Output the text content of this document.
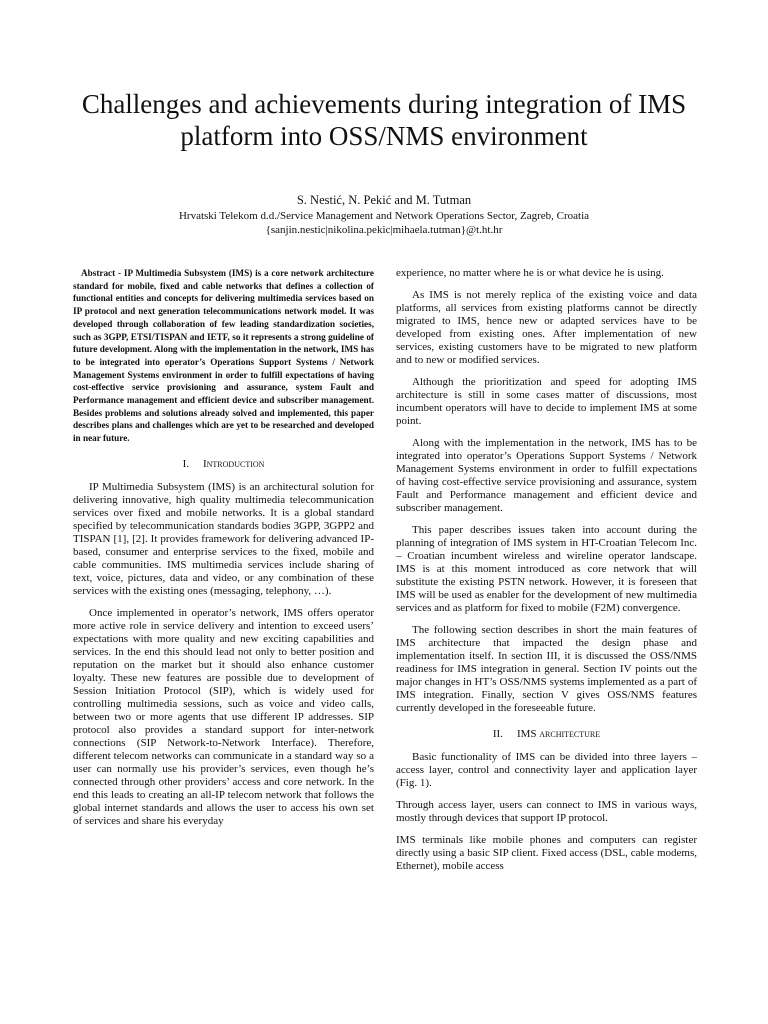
Challenges and achievements during integration of IMS platform into OSS/NMS environment

S. Nestić, N. Pekić and M. Tutman

Hrvatski Telekom d.d./Service Management and Network Operations Sector, Zagreb, Croatia
{sanjin.nestic|nikolina.pekic|mihaela.tutman}@t.ht.hr

Abstract - IP Multimedia Subsystem (IMS) is a core network architecture standard for mobile, fixed and cable networks that defines a collection of functional entities and concepts for delivering multimedia services based on IP protocol and next generation telecommunications network model. It was developed through collaboration of few leading standardization societies, such as 3GPP, ETSI/TISPAN and IETF, so it represents a strong guideline of future development. Along with the implementation in the network, IMS has to be integrated into operator’s Operations Support Systems / Network Management Systems environment in order to fulfill expectations of having cost-effective service provisioning and assurance, system Fault and Performance management and efficient device and subscriber management. Besides problems and solutions already solved and implemented, this paper describes plans and challenges which are yet to be researched and developed in near future.

I. Introduction

IP Multimedia Subsystem (IMS) is an architectural solution for delivering innovative, high quality multimedia telecommunication services over fixed and mobile networks. It is a global standard specified by telecommunication standards bodies 3GPP, 3GPP2 and TISPAN [1], [2]. It provides framework for delivering advanced IP-based, consumer and enterprise services to the fixed, mobile and cable communities. IMS multimedia services include sharing of text, voice, pictures, data and video, or any combination of these services with the existing ones (messaging, telephony, …).

Once implemented in operator’s network, IMS offers operator more active role in service delivery and intention to exceed users’ expectations with more quality and new exciting capabilities and services. In the end this should lead not only to better position and reputation on the market but it should also enhance customer loyalty. These new features are possible due to development of Session Initiation Protocol (SIP), which is widely used for controlling multimedia sessions, such as voice and video calls, between two or more agents that use different IP addresses. SIP protocol also provides a standard support for inter-network connections (SIP Network-to-Network Interface). Therefore, different telecom networks can communicate in a standard way so a user can normally use his provider’s services, even though he’s connected through other providers’ access and core network. In the end this leads to creating an all-IP telecom network that follows the global internet standards and allows the user to access his own set of services and share his everyday

experience, no matter where he is or what device he is using.

As IMS is not merely replica of the existing voice and data platforms, all services from existing platforms cannot be directly migrated to IMS, hence new or adapted services have to be developed from existing ones. After implementation of new services, existing customers have to be migrated to new platform and to new or modified services.

Although the prioritization and speed for adopting IMS architecture is still in some cases matter of discussions, most incumbent operators will have to decide to implement IMS at some point.

Along with the implementation in the network, IMS has to be integrated into operator’s Operations Support Systems / Network Management Systems environment in order to fulfill expectations of having cost-effective service provisioning and assurance, system Fault and Performance management and efficient device and subscriber management.

This paper describes issues taken into account during the planning of integration of IMS system in HT-Croatian Telecom Inc. – Croatian incumbent wireless and wireline operator landscape. IMS is at this moment introduced as core network that will substitute the existing PSTN network. However, it is foreseen that IMS will be used as enabler for the development of new multimedia services and as platform for fixed to mobile (F2M) convergence.

The following section describes in short the main features of IMS architecture that impacted the design phase and implementation itself. In section III, it is discussed the OSS/NMS readiness for IMS integration in general. Section IV points out the major changes in HT’s OSS/NMS systems implemented as a part of IMS integration. Finally, section V gives OSS/NMS features currently developed in the foreseeable future.

II. IMS architecture

Basic functionality of IMS can be divided into three layers – access layer, control and connectivity layer and application layer (Fig. 1).

Through access layer, users can connect to IMS in various ways, mostly through devices that support IP protocol.

IMS terminals like mobile phones and computers can register directly using a basic SIP client. Fixed access (DSL, cable modems, Ethernet), mobile access
